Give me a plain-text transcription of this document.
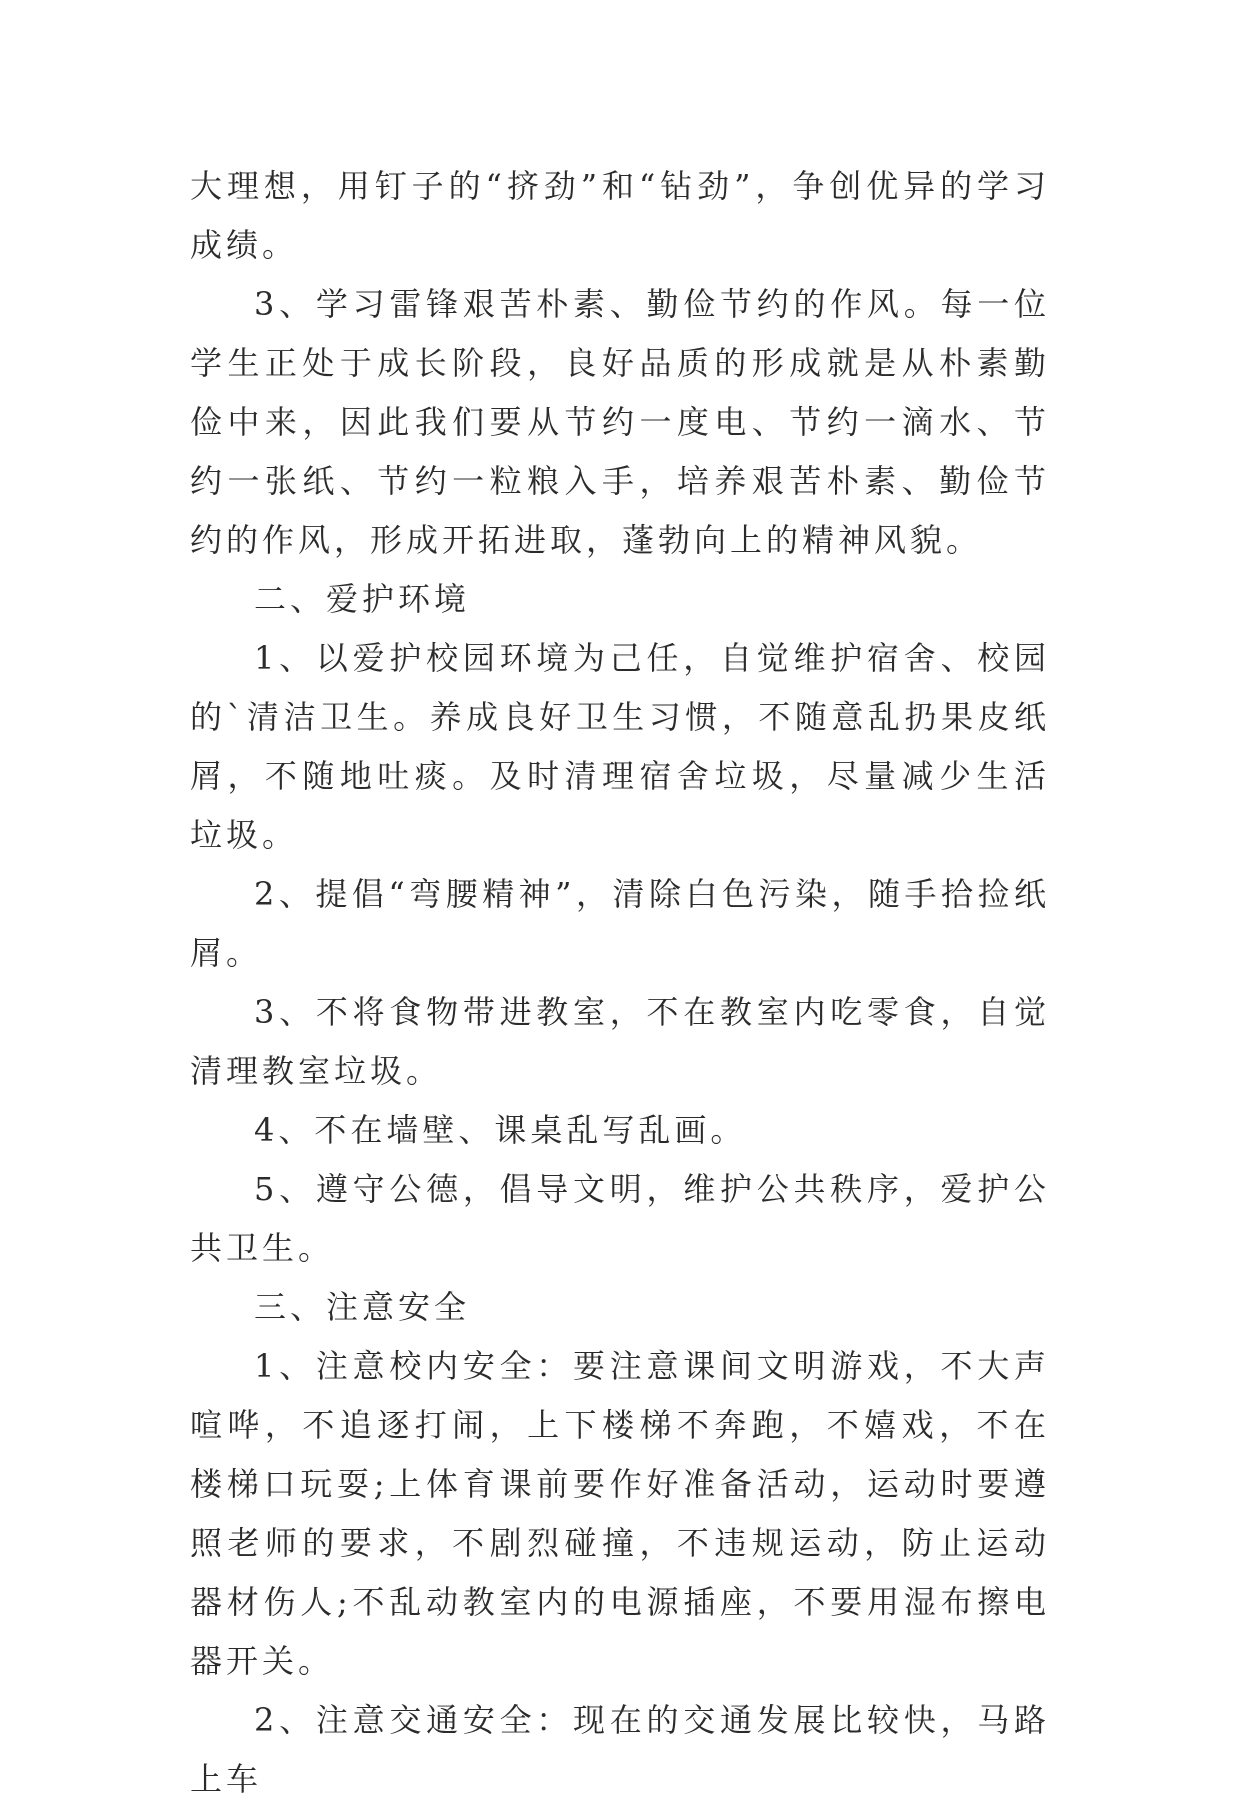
大理想，用钉子的“挤劲”和“钻劲”，争创优异的学习成绩。

3、学习雷锋艰苦朴素、勤俭节约的作风。每一位学生正处于成长阶段，良好品质的形成就是从朴素勤俭中来，因此我们要从节约一度电、节约一滴水、节约一张纸、节约一粒粮入手，培养艰苦朴素、勤俭节约的作风，形成开拓进取，蓬勃向上的精神风貌。

二、爱护环境

1、以爱护校园环境为己任，自觉维护宿舍、校园的`清洁卫生。养成良好卫生习惯，不随意乱扔果皮纸屑，不随地吐痰。及时清理宿舍垃圾，尽量减少生活垃圾。

2、提倡“弯腰精神”，清除白色污染，随手拾捡纸屑。

3、不将食物带进教室，不在教室内吃零食，自觉清理教室垃圾。

4、不在墙壁、课桌乱写乱画。

5、遵守公德，倡导文明，维护公共秩序，爱护公共卫生。

三、注意安全

1、注意校内安全：要注意课间文明游戏，不大声喧哗，不追逐打闹，上下楼梯不奔跑，不嬉戏，不在楼梯口玩耍;上体育课前要作好准备活动，运动时要遵照老师的要求，不剧烈碰撞，不违规运动，防止运动器材伤人;不乱动教室内的电源插座，不要用湿布擦电器开关。

2、注意交通安全：现在的交通发展比较快，马路上车
